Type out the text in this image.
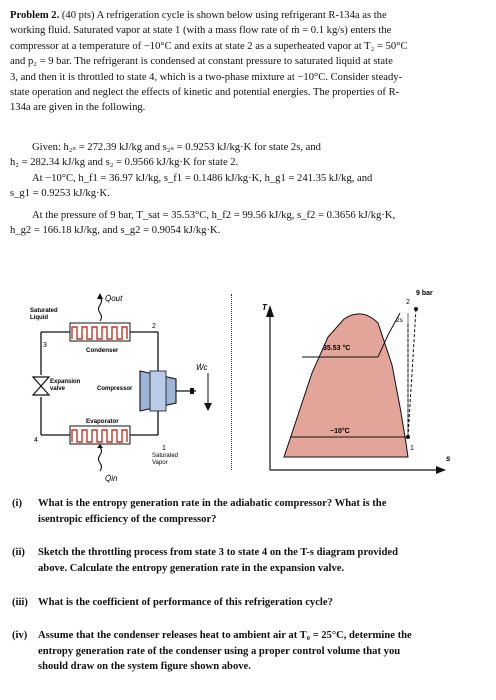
Problem 2. (40 pts) A refrigeration cycle is shown below using refrigerant R-134a as the
working fluid. Saturated vapor at state 1 (with a mass flow rate of ṁ = 0.1 kg/s) enters the
compressor at a temperature of −10°C and exits at state 2 as a superheated vapor at T₂ = 50°C
and p₂ = 9 bar. The refrigerant is condensed at constant pressure to saturated liquid at state
3, and then it is throttled to state 4, which is a two-phase mixture at −10°C. Consider steady-
state operation and neglect the effects of kinetic and potential energies. The properties of R-
134a are given in the following.
Given: h₂ₛ = 272.39 kJ/kg and s₂ₛ = 0.9253 kJ/kg·K for state 2s, and
h₂ = 282.34 kJ/kg and s₂ = 0.9566 kJ/kg·K for state 2.
At −10°C, h_f1 = 36.97 kJ/kg, s_f1 = 0.1486 kJ/kg·K, h_g1 = 241.35 kJ/kg, and
s_g1 = 0.9253 kJ/kg·K.
At the pressure of 9 bar, T_sat = 35.53°C, h_f2 = 99.56 kJ/kg, s_f2 = 0.3656 kJ/kg·K,
h_g2 = 166.18 kJ/kg, and s_g2 = 0.9054 kJ/kg·K.
Q̇out
Q̇in
Saturated
Liquid
Condenser
Evaporator
Expansion
valve	Compressor
Ẇc
Saturated
Vapor
1
2
3
4
T
s
9 bar
35.53 °C
−10°C
1
2
2s
(i) What is the entropy generation rate in the adiabatic compressor? What is the
isentropic efficiency of the compressor?
(ii) Sketch the throttling process from state 3 to state 4 on the T-s diagram provided
above. Calculate the entropy generation rate in the expansion valve.
(iii) What is the coefficient of performance of this refrigeration cycle?
(iv) Assume that the condenser releases heat to ambient air at T₀ = 25°C, determine the
entropy generation rate of the condenser using a proper control volume that you
should draw on the system figure shown above.
